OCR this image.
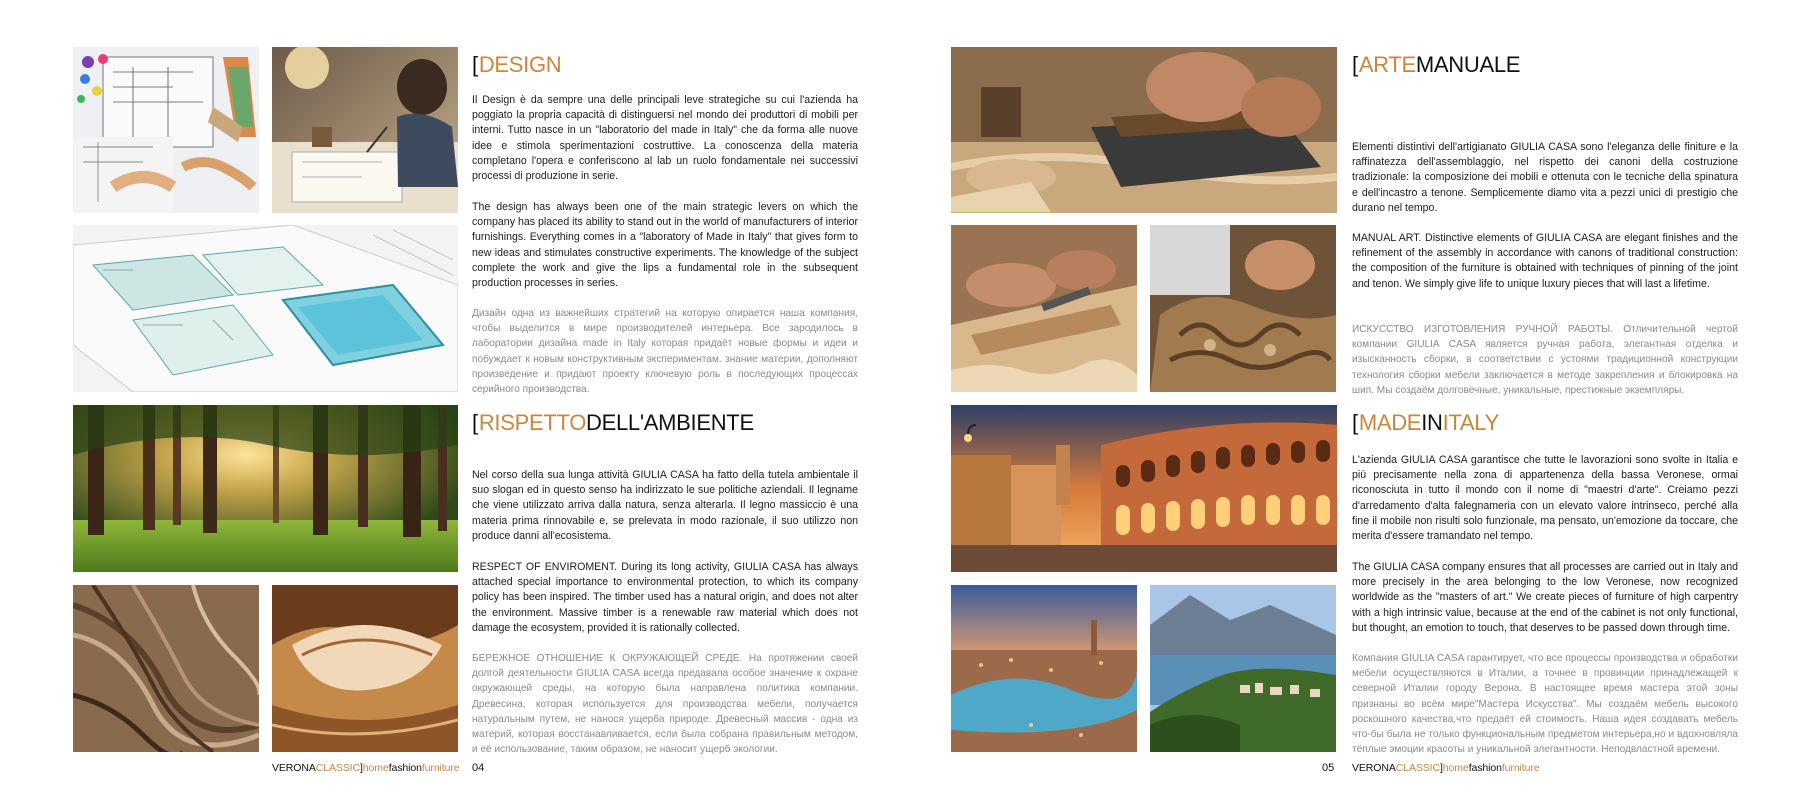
[DESIGN

Il Design è da sempre una delle principali leve strategiche su cui l'azienda ha poggiato la propria capacità di distinguersi nel mondo dei produttori di mobili per interni. Tutto nasce in un "laboratorio del made in Italy" che da forma alle nuove idee e stimola sperimentazioni costruttive. La conoscenza della materia completano l'opera e conferiscono al lab un ruolo fondamentale nei successivi processi di produzione in serie.

The design has always been one of the main strategic levers on which the company has placed its ability to stand out in the world of manufacturers of interior furnishings. Everything comes in a "laboratory of Made in Italy" that gives form to new ideas and stimulates constructive experiments. The knowledge of the subject complete the work and give the lips a fundamental role in the subsequent production processes in series.

Дизайн одна из важнейших стратегий на которую опирается наша компания, чтобы выделится в мире производителей интерьера. Все зародилось в лаборатории дизайна made in Italy которая придаёт новые формы и идеи и побуждает к новым конструктивным экспериментам. знание материи, дополняют произведение и придают проекту ключевую роль в последующих процессах серийного производства.

[RISPETTODELL'AMBIENTE

Nel corso della sua lunga attività GIULIA CASA ha fatto della tutela ambientale il suo slogan ed in questo senso ha indirizzato le sue politiche aziendali. Il legname che viene utilizzato arriva dalla natura, senza alterarla. Il legno massiccio è una materia prima rinnovabile e, se prelevata in modo razionale, il suo utilizzo non produce danni all'ecosistema.

RESPECT OF ENVIROMENT. During its long activity, GIULIA CASA has always attached special importance to environmental protection, to which its company policy has been inspired. The timber used has a natural origin, and does not alter the environment. Massive timber is a renewable raw material which does not damage the ecosystem, provided it is rationally collected.

БЕРЕЖНОЕ ОТНОШЕНИЕ К ОКРУЖАЮЩЕЙ СРЕДЕ. На протяжении своей долгой деятельности GIULIA CASA всегда предавала особое значение к охране окружающей среды, на которую была направлена политика компании. Древесина, которая используется для производства мебели, получается натуральным путем, не нанося ущерба природе. Древесный массив - одна из материй, которая восстанавливается, если была собрана правильным методом, и её использование, таким образом, не наносит ущерб экологии.

VERONACLASSIC]homefashionfurniture 04
[ARTEMANUALE

Elementi distintivi dell'artigianato GIULIA CASA sono l'eleganza delle finiture e la raffinatezza dell'assemblaggio, nel rispetto dei canoni della costruzione tradizionale: la composizione dei mobili e ottenuta con le tecniche della spinatura e dell'incastro a tenone. Semplicemente diamo vita a pezzi unici di prestigio che durano nel tempo.

MANUAL ART. Distinctive elements of GIULIA CASA are elegant finishes and the refinement of the assembly in accordance with canons of traditional construction: the composition of the furniture is obtained with techniques of pinning of the joint and tenon. We simply give life to unique luxury pieces that will last a lifetime.

ИСКУССТВО ИЗГОТОВЛЕНИЯ РУЧНОЙ РАБОТЫ. Отличительной чертой компании GIULIA CASA является ручная работа, элегантная отделка и изысканность сборки, в соответствии с устоями традиционной конструкции технология сборки мебели заключается в методе закрепления и блокировка на шип. Мы создаём долговечные, уникальные, престижные экземпляры.

[MADEINITALY

L'azienda GIULIA CASA garantisce che tutte le lavorazioni sono svolte in Italia e più precisamente nella zona di appartenenza della bassa Veronese, ormai riconosciuta in tutto il mondo con il nome di "maestri d'arte". Creiamo pezzi d'arredamento d'alta falegnameria con un elevato valore intrinseco, perché alla fine il mobile non risulti solo funzionale, ma pensato, un'emozione da toccare, che merita d'essere tramandato nel tempo.

The GIULIA CASA company ensures that all processes are carried out in Italy and more precisely in the area belonging to the low Veronese, now recognized worldwide as the "masters of art." We create pieces of furniture of high carpentry with a high intrinsic value, because at the end of the cabinet is not only functional, but thought, an emotion to touch, that deserves to be passed down through time.

Компания GIULIA CASA гарантирует, что все процессы производства и обработки мебели осуществляются в Италии, а точнее в провинции принадлежащей к северной Италии городу Верона. В настоящее время мастера этой зоны признаны во всём мире"Мастера Искусства". Мы создаём мебель высокого роскошного качества,что предаёт ей стоимость. Наша идея создавать мебель что-бы была не только функциональным предметом интерьера,но и вдохновляла тёплые эмоции красоты и уникальной элегантности. Неподвластной времени.

05 VERONACLASSIC]homefashionfurniture
